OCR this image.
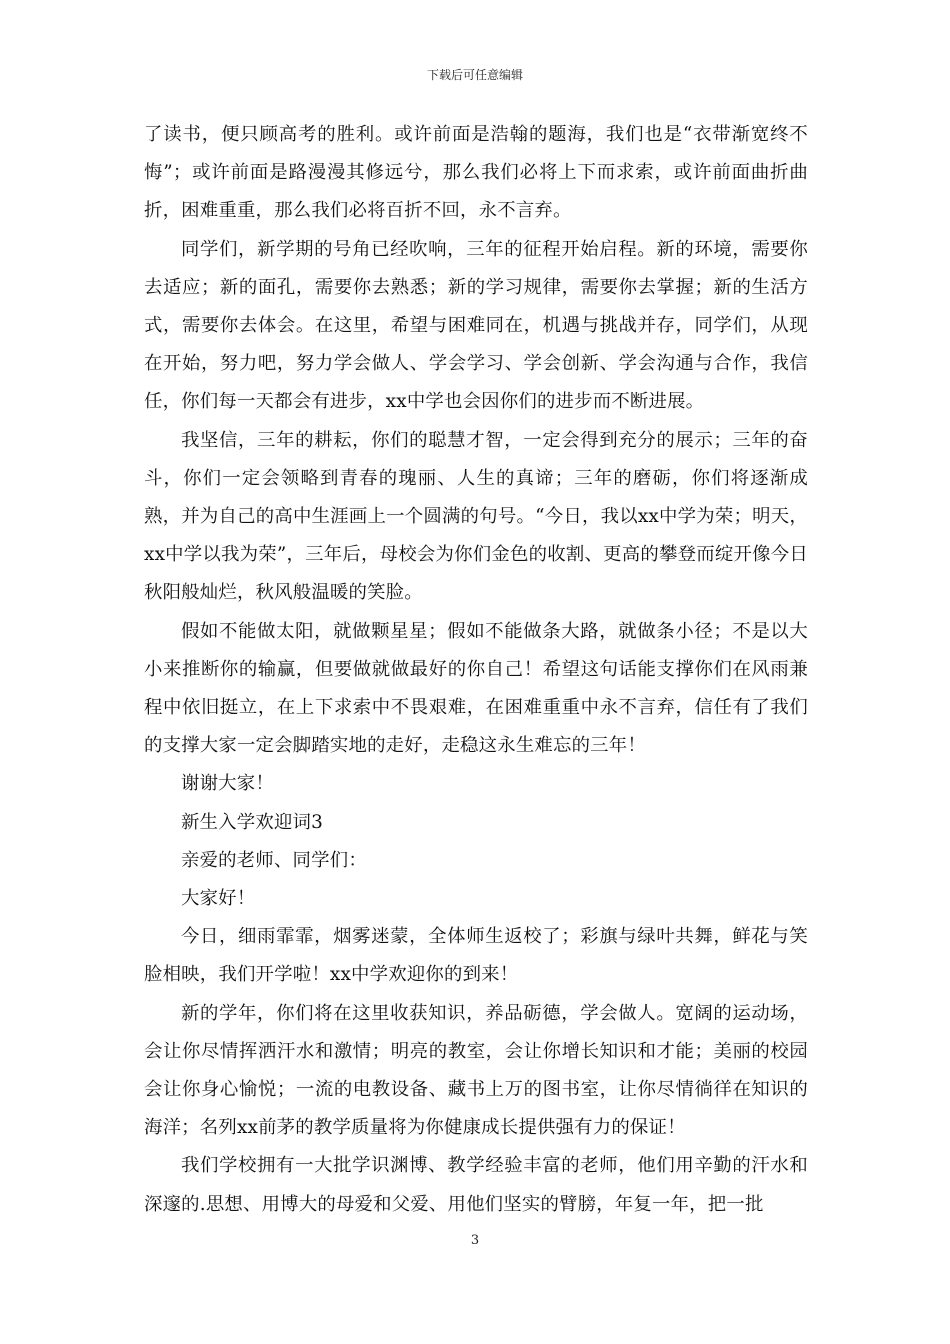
下载后可任意编辑

了读书，便只顾高考的胜利。或许前面是浩翰的题海，我们也是“衣带渐宽终不悔”；或许前面是路漫漫其修远兮，那么我们必将上下而求索，或许前面曲折曲折，困难重重，那么我们必将百折不回，永不言弃。

同学们，新学期的号角已经吹响，三年的征程开始启程。新的环境，需要你去适应；新的面孔，需要你去熟悉；新的学习规律，需要你去掌握；新的生活方式，需要你去体会。在这里，希望与困难同在，机遇与挑战并存，同学们，从现在开始，努力吧，努力学会做人、学会学习、学会创新、学会沟通与合作，我信任，你们每一天都会有进步，xx中学也会因你们的进步而不断进展。

我坚信，三年的耕耘，你们的聪慧才智，一定会得到充分的展示；三年的奋斗，你们一定会领略到青春的瑰丽、人生的真谛；三年的磨砺，你们将逐渐成熟，并为自己的高中生涯画上一个圆满的句号。“今日，我以xx中学为荣；明天，xx中学以我为荣”，三年后，母校会为你们金色的收割、更高的攀登而绽开像今日秋阳般灿烂，秋风般温暖的笑脸。

假如不能做太阳，就做颗星星；假如不能做条大路，就做条小径；不是以大小来推断你的输赢，但要做就做最好的你自己！希望这句话能支撑你们在风雨兼程中依旧挺立，在上下求索中不畏艰难，在困难重重中永不言弃，信任有了我们的支撑大家一定会脚踏实地的走好，走稳这永生难忘的三年！

谢谢大家！

新生入学欢迎词3

亲爱的老师、同学们：

大家好！

今日，细雨霏霏，烟雾迷蒙，全体师生返校了；彩旗与绿叶共舞，鲜花与笑脸相映，我们开学啦！xx中学欢迎你的到来！

新的学年，你们将在这里收获知识，养品砺德，学会做人。宽阔的运动场，会让你尽情挥洒汗水和激情；明亮的教室，会让你增长知识和才能；美丽的校园会让你身心愉悦；一流的电教设备、藏书上万的图书室，让你尽情徜徉在知识的海洋；名列xx前茅的教学质量将为你健康成长提供强有力的保证！

我们学校拥有一大批学识渊博、教学经验丰富的老师，他们用辛勤的汗水和深邃的.思想、用博大的母爱和父爱、用他们坚实的臂膀，年复一年，把一批

3
